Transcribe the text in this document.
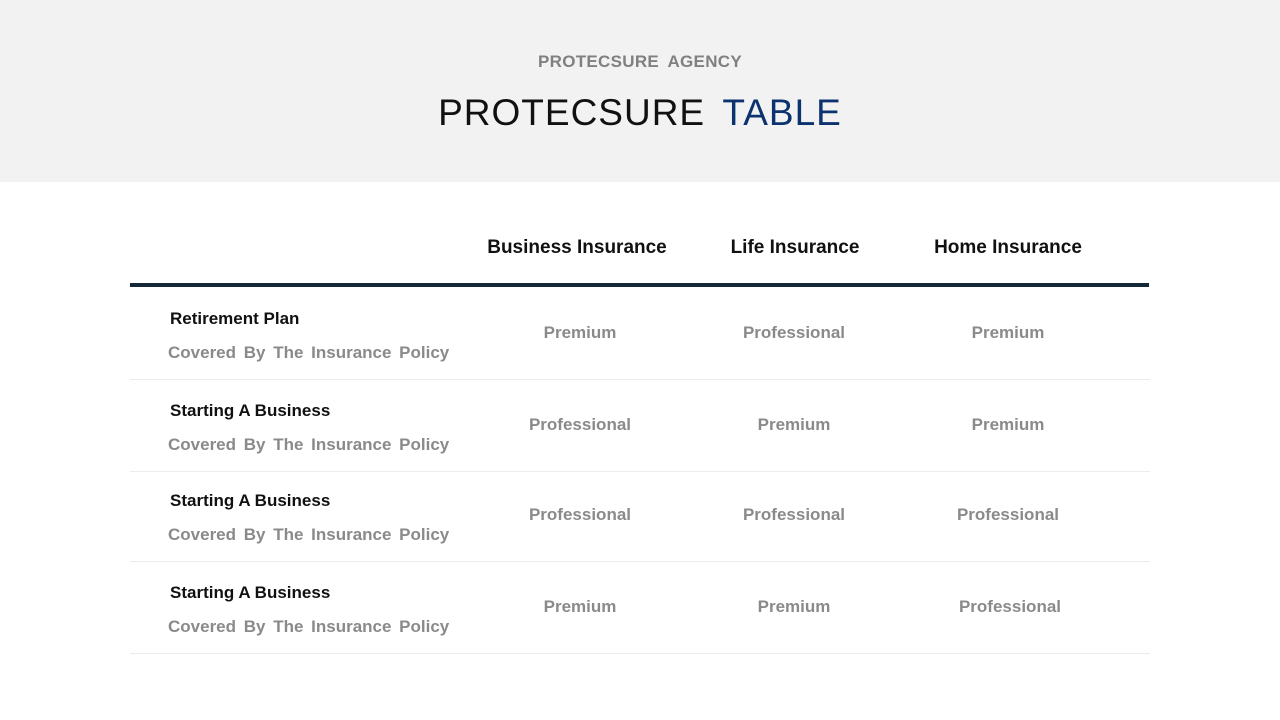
PROTECSURE AGENCY
PROTECSURE TABLE
Business Insurance	Life Insurance	Home Insurance
Retirement Plan
Covered By The Insurance Policy
Premium	Professional	Premium
Starting A Business
Covered By The Insurance Policy
Professional	Premium	Premium
Starting A Business
Covered By The Insurance Policy
Professional	Professional	Professional
Starting A Business
Covered By The Insurance Policy
Premium	Premium	Professional
